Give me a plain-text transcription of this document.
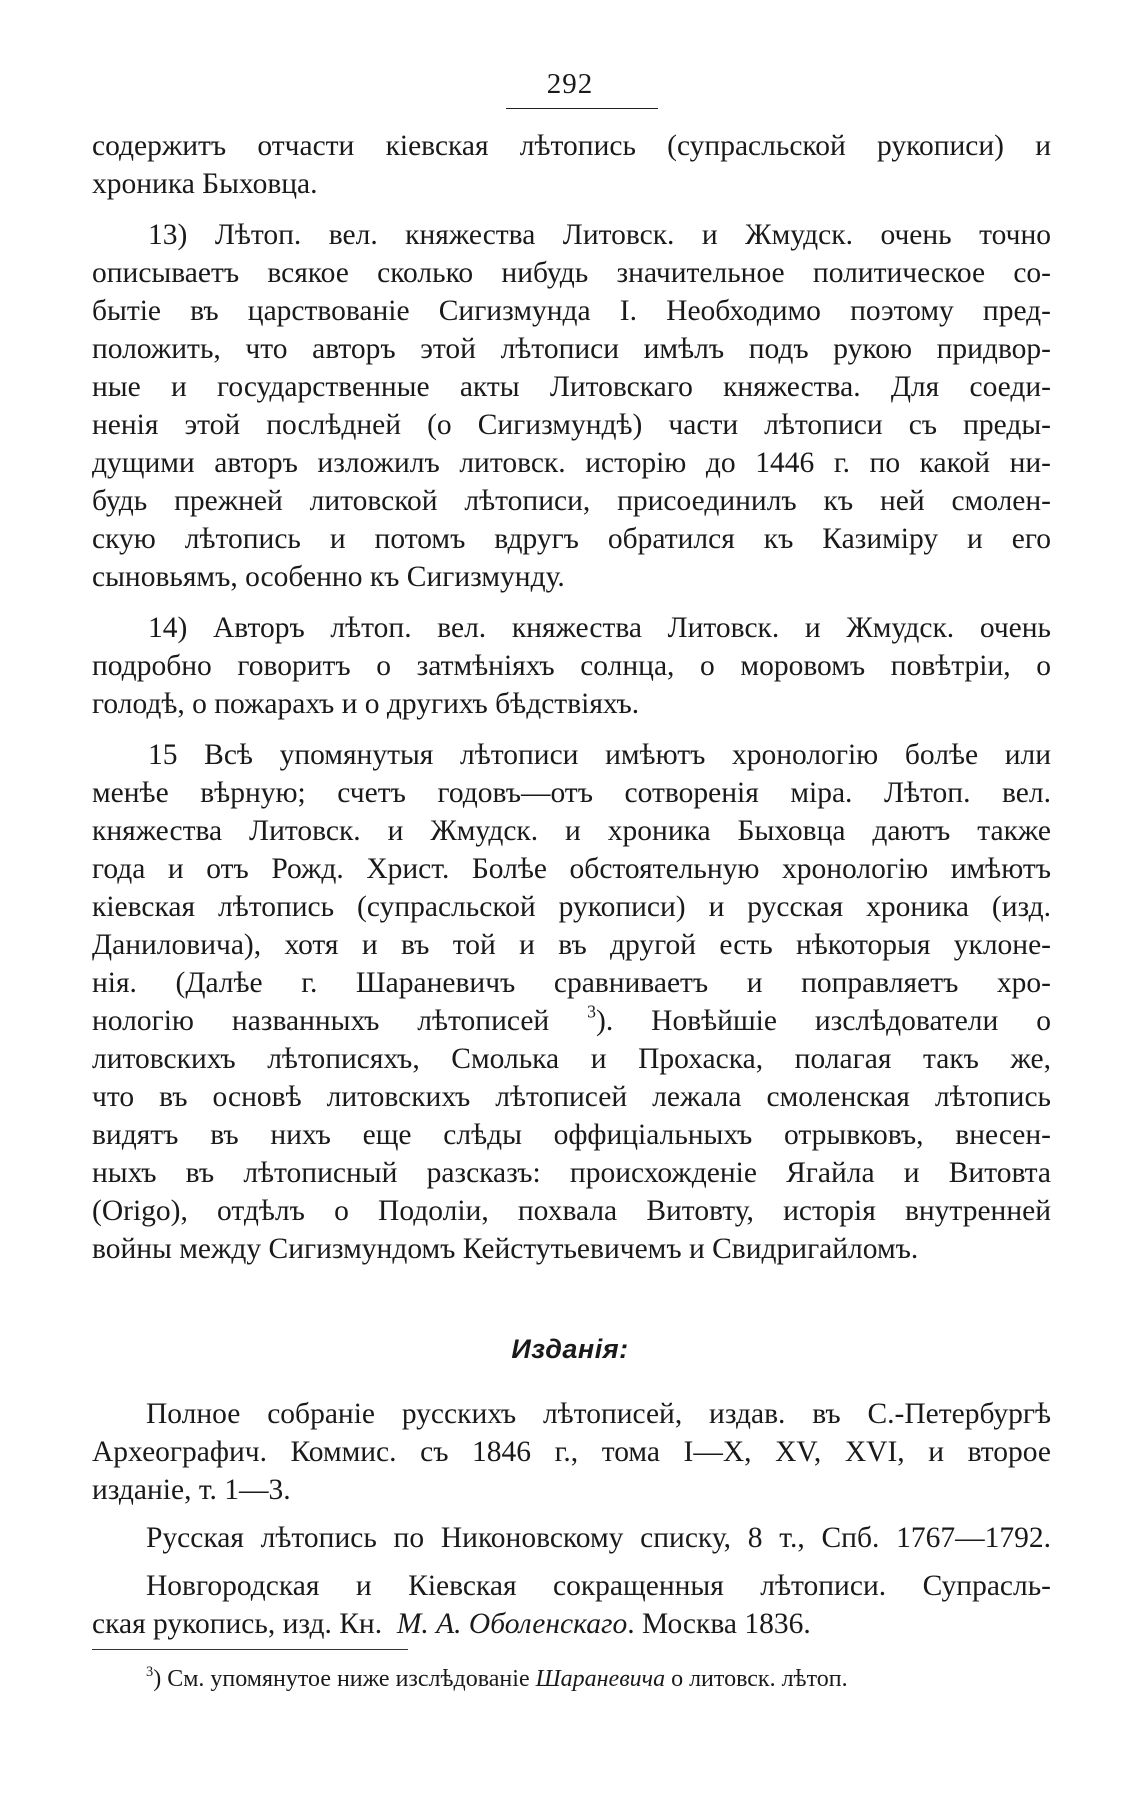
292
содержитъ отчасти кіевская лѣтопись (супрасльской рукописи) и
хроника Быховца.
13) Лѣтоп. вел. княжества Литовск. и Жмудск. очень точно
описываетъ всякое сколько нибудь значительное политическое со-
бытіе въ царствованіе Сигизмунда I. Необходимо поэтому пред-
положить, что авторъ этой лѣтописи имѣлъ подъ рукою придвор-
ные и государственные акты Литовскаго княжества. Для соеди-
ненія этой послѣдней (о Сигизмундѣ) части лѣтописи съ преды-
дущими авторъ изложилъ литовск. исторію до 1446 г. по какой ни-
будь прежней литовской лѣтописи, присоединилъ къ ней смолен-
скую лѣтопись и потомъ вдругъ обратился къ Казиміру и его
сыновьямъ, особенно къ Сигизмунду.
14) Авторъ лѣтоп. вел. княжества Литовск. и Жмудск. очень
подробно говоритъ о затмѣніяхъ солнца, о моровомъ повѣтріи, о
голодѣ, о пожарахъ и о другихъ бѣдствіяхъ.
15 Всѣ упомянутыя лѣтописи имѣютъ хронологію болѣе или
менѣе вѣрную; счетъ годовъ—отъ сотворенія міра. Лѣтоп. вел.
княжества Литовск. и Жмудск. и хроника Быховца даютъ также
года и отъ Рожд. Христ. Болѣе обстоятельную хронологію имѣютъ
кіевская лѣтопись (супрасльской рукописи) и русская хроника (изд.
Даниловича), хотя и въ той и въ другой есть нѣкоторыя уклоне-
нія. (Далѣе г. Шараневичъ сравниваетъ и поправляетъ хро-
нологію названныхъ лѣтописей $^3$). Новѣйшіе изслѣдователи о
литовскихъ лѣтописяхъ, Смолька и Прохаска, полагая такъ же,
что въ основѣ литовскихъ лѣтописей лежала смоленская лѣтопись
видятъ въ нихъ еще слѣды оффиціальныхъ отрывковъ, внесен-
ныхъ въ лѣтописный разсказъ: происхожденіе Ягайла и Витовта
(Origo), отдѣлъ о Подоліи, похвала Витовту, исторія внутренней
войны между Сигизмундомъ Кейстутьевичемъ и Свидригайломъ.
Изданія:
Полное собраніе русскихъ лѣтописей, издав. въ С.-Петербургѣ
Археографич. Коммис. съ 1846 г., тома I—X, XV, XVI, и второе
изданіе, т. 1—3.
Русская лѣтопись по Никоновскому списку, 8 т., Спб. 1767—1792.
Новгородская и Кіевская сокращенныя лѣтописи. Супрасль-
ская рукопись, изд. Кн. М. А. Оболенскаго. Москва 1836.
$^3$) См. упомянутое ниже изслѣдованіе Шараневича о литовск. лѣтоп.
